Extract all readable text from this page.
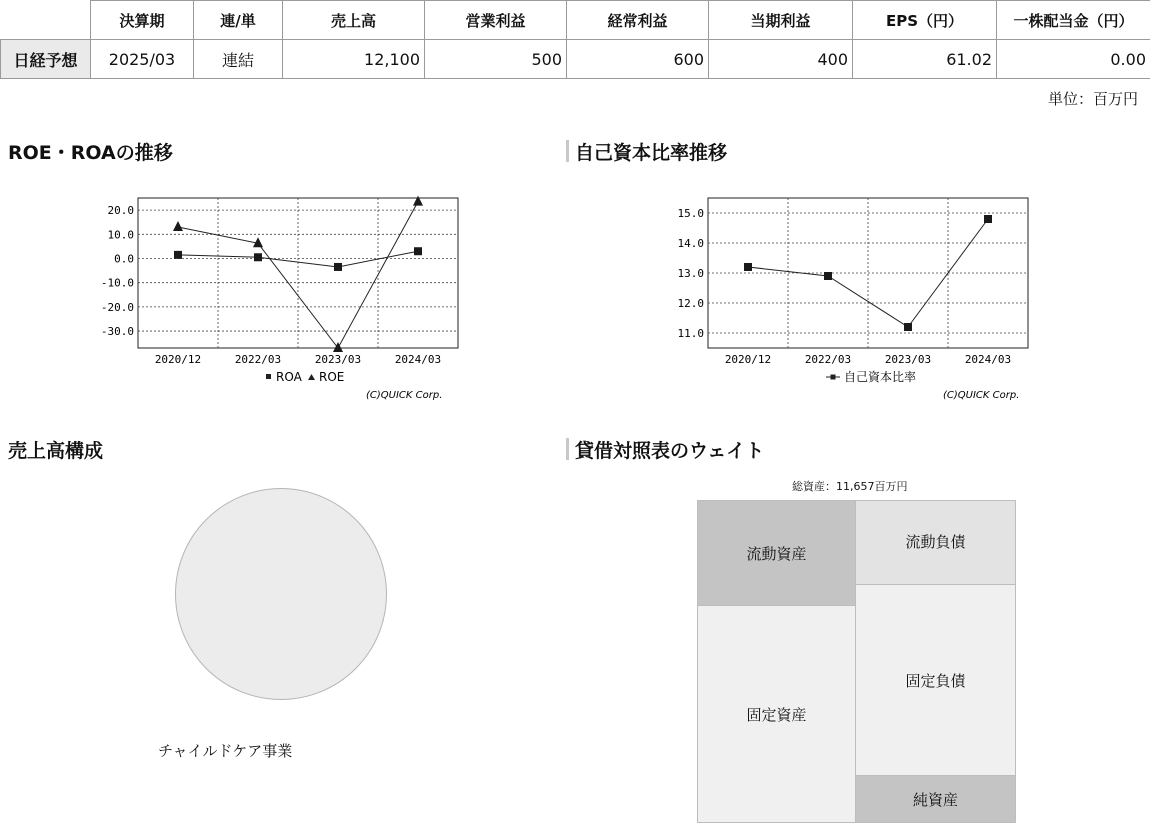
	決算期	連/単	売上高	営業利益	経常利益	当期利益	EPS（円）	一株配当金（円）
日経予想	2025/03	連結	12,100	500	600	400	61.02	0.00
単位：百万円
ROE・ROAの推移	自己資本比率推移
売上高構成	貸借対照表のウェイト
20.0
10.0
0.0
-10.0
-20.0
-30.0
2020/12	2022/03	2023/03	2024/03
ROA ROE
(C)QUICK Corp.
15.0
14.0
13.0
12.0
11.0
2020/12	2022/03	2023/03	2024/03
自己資本比率
(C)QUICK Corp.
チャイルドケア事業
総資産：11,657百万円
流動資産
固定資産
流動負債
固定負債
純資産
